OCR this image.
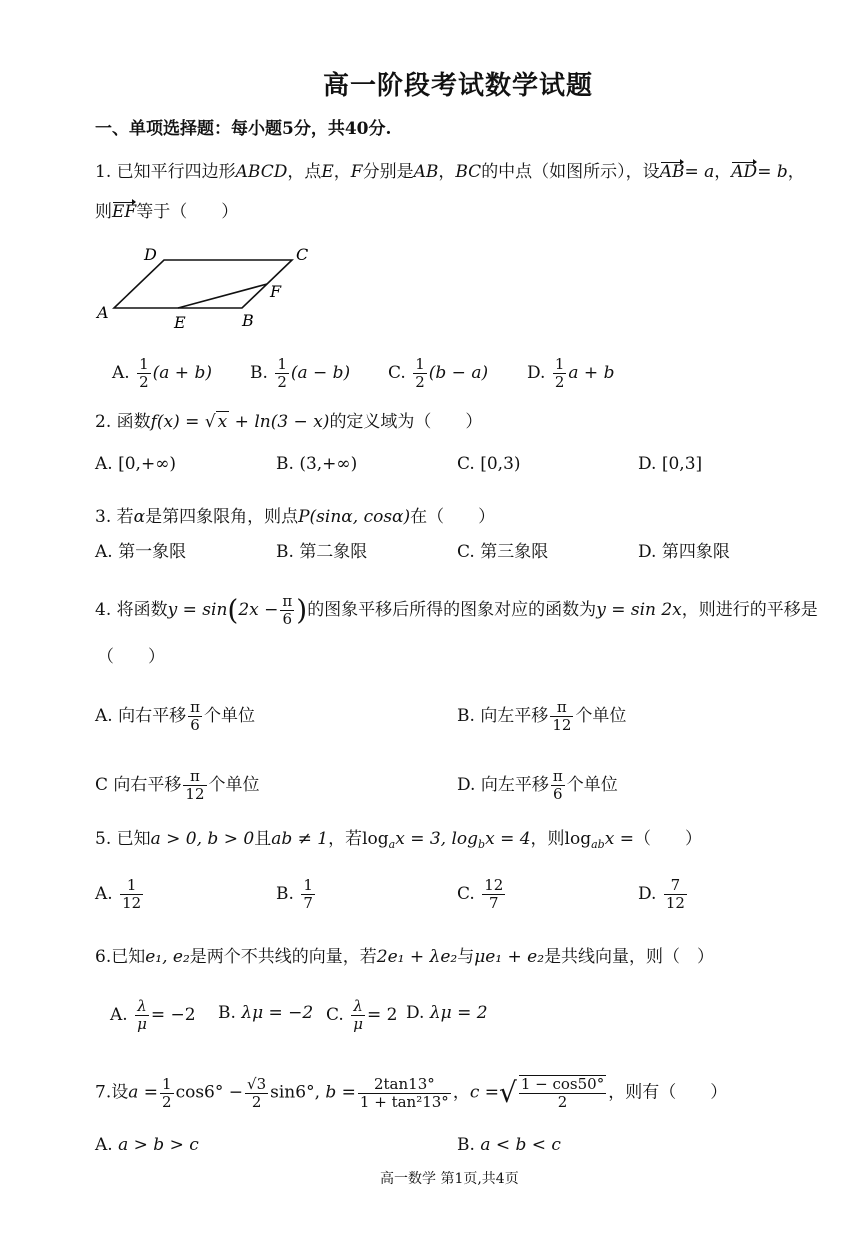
高一阶段考试数学试题
一、单项选择题：每小题5分，共40分.
1. 已知平行四边形ABCD，点E，F分别是AB，BC的中点（如图所示），设AB= a，AD= b，
则EF等于（　　）
A	B
C
D
E
F
A. $\frac{1}{2} (a + b)$ B. $\frac{1}{2} (a - b)$ C. $\frac{1}{2} (b - a)$ D. $\frac{1}{2}$ a + b
2. 函数f(x) = √ x + ln(3 − x)的定义域为（　　）
A. [0,+∞)	B. (3,+∞)	C. [0,3)	D. [0,3]
3. 若α是第四象限角，则点P(sinα, cosα)在（　　）
A. 第一象限	B. 第二象限	C. 第三象限	D. 第四象限
4. 将函数$y = \sin(2x - \frac{\pi}{6}$ )的图象平移后所得的图象对应的函数为y = sin 2x，则进行的平移是
（　　）
A. 向右平移 $\frac{\pi}{6}$ 个单位	B. 向左平移 $\frac{\pi}{12}$ 个单位
C 向右平移 $\frac{\pi}{12}$ 个单位	D. 向左平移 $\frac{\pi}{6}$ 个单位
5. 已知a > 0, b > 0且ab ≠ 1，若$\log_ax = 3$, $\log_bx = 4$，则$\log_{ab}x$ =（　　）
A. $\frac{1}{12}$	B. $\frac{1}{7}$	C. $\frac{12}{7}$	D. $\frac{7}{12}$
6.已知e₁, e₂是两个不共线的向量，若2e₁ + λe₂与μe₁ + e₂是共线向量，则（　）
A. $\frac{\lambda}{\mu} = -2$ B. λμ = −2 C. $\frac{\lambda}{\mu} = 2$ D. λμ = 2
7.设$a = \frac{1}{2} \cos 6^\circ - \frac{√3}{2} \sin 6^\circ$, $b = \frac{2\tan 13^\circ}{\text{1 + tan²13°}}$ ，c =√ $\frac{1 - \cos 50^\circ}{2}$ ，则有（　　）
A. a > b > c	B. a < b < c
高一数学 第1页,共4页
